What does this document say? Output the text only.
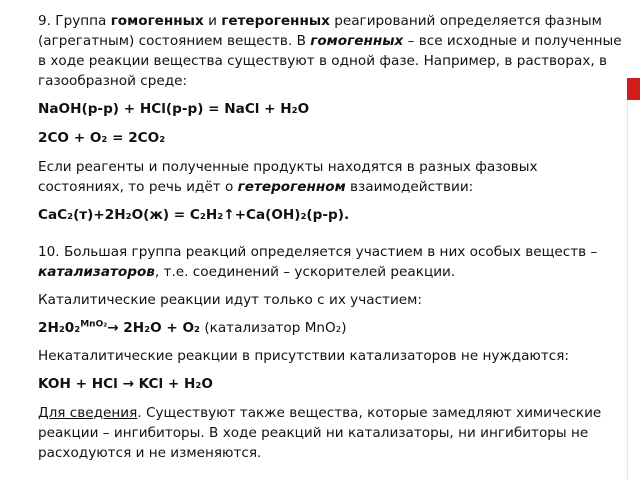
9. Группа гомогенных и гетерогенных реагирований определяется фазным (агрегатным) состоянием веществ. В гомогенных – все исходные и полученные в ходе реакции вещества существуют в одной фазе. Например, в растворах, в газообразной среде:

NaOH(р-р) + HCl(р-р) = NaCl + H₂O

2CO + O₂ = 2CO₂

Если реагенты и полученные продукты находятся в разных фазовых состояниях, то речь идёт о гетерогенном взаимодействии:

CaC₂(т)+2H₂O(ж) = C₂H₂↑+Ca(OH)₂(р-р).

10. Большая группа реакций определяется участием в них особых веществ – катализаторов, т.е. соединений – ускорителей реакции.

Каталитические реакции идут только с их участием:

2H₂0₂$^{MnO_2}$→ 2H₂O + O₂ (катализатор MnO₂)

Некаталитические реакции в присутствии катализаторов не нуждаются:

KOH + HCl → KCl + H₂O

Для сведения. Существуют также вещества, которые замедляют химические реакции – ингибиторы. В ходе реакций ни катализаторы, ни ингибиторы не расходуются и не изменяются.
